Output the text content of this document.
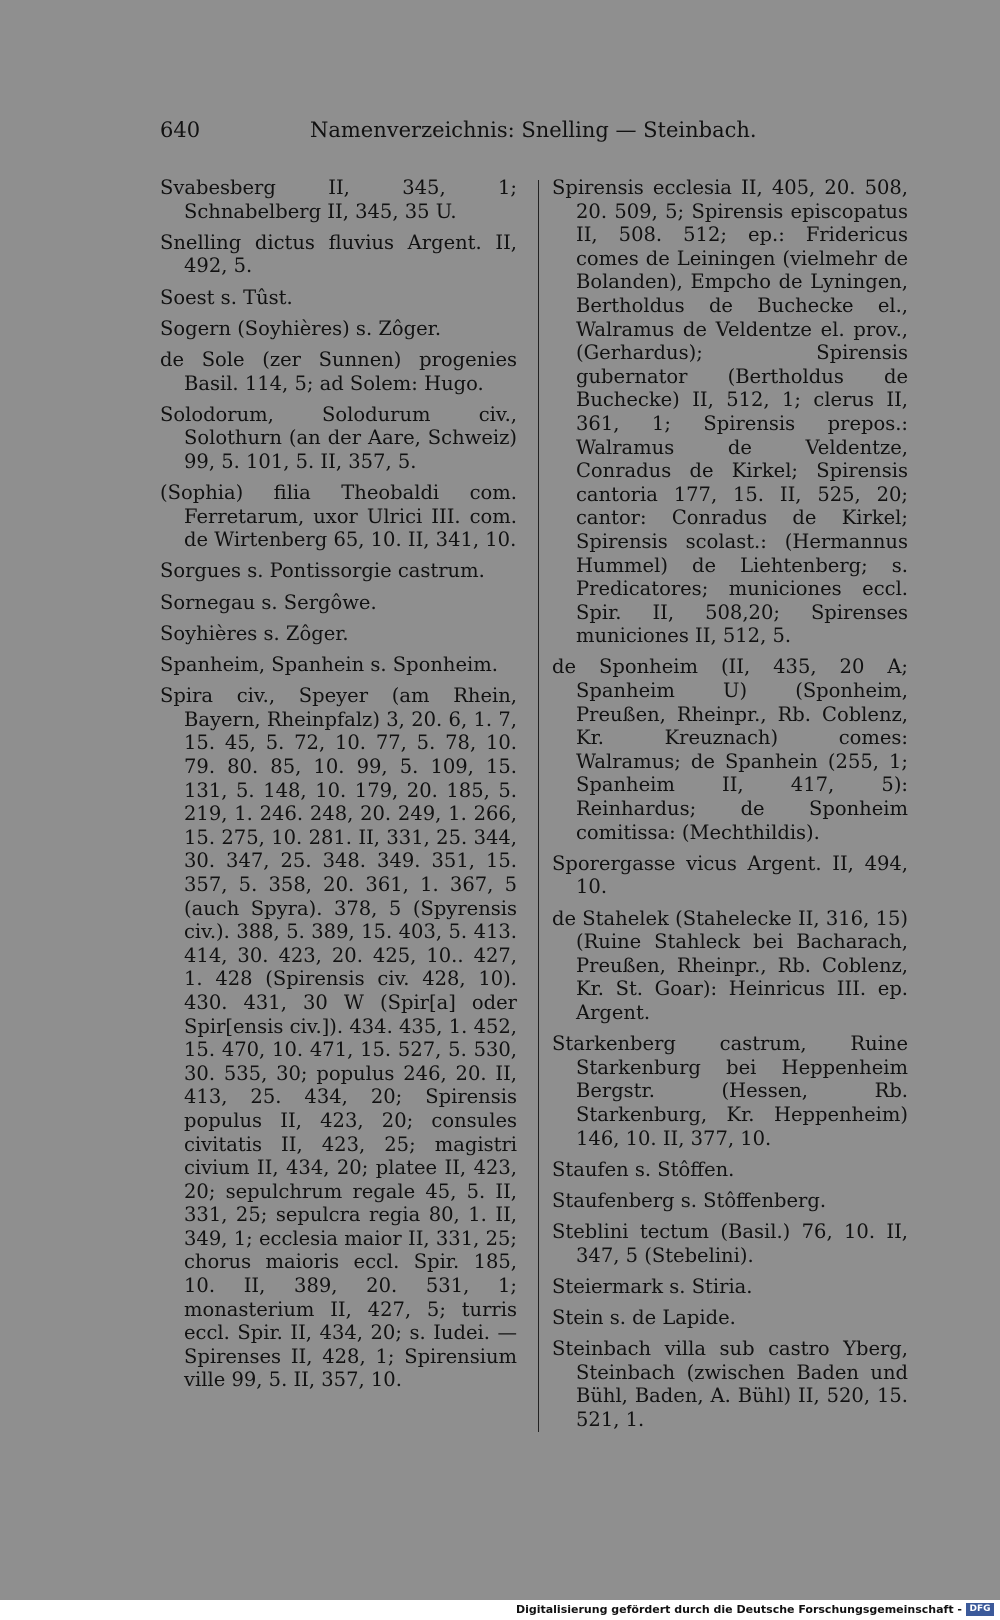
640	Namenverzeichnis: Snelling — Steinbach.
Svabesberg II, 345, 1; Schnabelberg II, 345, 35 U.
Snelling dictus fluvius Argent. II, 492, 5.
Soest s. Tûst.
Sogern (Soyhières) s. Zôger.
de Sole (zer Sunnen) progenies Basil. 114, 5; ad Solem: Hugo.
Solodorum, Solodurum civ., Solothurn (an der Aare, Schweiz) 99, 5. 101, 5. II, 357, 5.
(Sophia) filia Theobaldi com. Ferretarum, uxor Ulrici III. com. de Wirtenberg 65, 10. II, 341, 10.
Sorgues s. Pontissorgie castrum.
Sornegau s. Sergôwe.
Soyhières s. Zôger.
Spanheim, Spanhein s. Sponheim.
Spira civ., Speyer (am Rhein, Bayern, Rheinpfalz) 3, 20. 6, 1. 7, 15. 45, 5. 72, 10. 77, 5. 78, 10. 79. 80. 85, 10. 99, 5. 109, 15. 131, 5. 148, 10. 179, 20. 185, 5. 219, 1. 246. 248, 20. 249, 1. 266, 15. 275, 10. 281. II, 331, 25. 344, 30. 347, 25. 348. 349. 351, 15. 357, 5. 358, 20. 361, 1. 367, 5 (auch Spyra). 378, 5 (Spyrensis civ.). 388, 5. 389, 15. 403, 5. 413. 414, 30. 423, 20. 425, 10.. 427, 1. 428 (Spirensis civ. 428, 10). 430. 431, 30 W (Spir[a] oder Spir[ensis civ.]). 434. 435, 1. 452, 15. 470, 10. 471, 15. 527, 5. 530, 30. 535, 30; populus 246, 20. II, 413, 25. 434, 20; Spirensis populus II, 423, 20; consules civitatis II, 423, 25; magistri civium II, 434, 20; platee II, 423, 20; sepulchrum regale 45, 5. II, 331, 25; sepulcra regia 80, 1. II, 349, 1; ecclesia maior II, 331, 25; chorus maioris eccl. Spir. 185, 10. II, 389, 20. 531, 1; monasterium II, 427, 5; turris eccl. Spir. II, 434, 20; s. Iudei. — Spirenses II, 428, 1; Spirensium ville 99, 5. II, 357, 10.
Spirensis ecclesia II, 405, 20. 508, 20. 509, 5; Spirensis episcopatus II, 508. 512; ep.: Fridericus comes de Leiningen (vielmehr de Bolanden), Empcho de Lyningen, Bertholdus de Buchecke el., Walramus de Veldentze el. prov., (Gerhardus); Spirensis gubernator (Bertholdus de Buchecke) II, 512, 1; clerus II, 361, 1; Spirensis prepos.: Walramus de Veldentze, Conradus de Kirkel; Spirensis cantoria 177, 15. II, 525, 20; cantor: Conradus de Kirkel; Spirensis scolast.: (Hermannus Hummel) de Liehtenberg; s. Predicatores; municiones eccl. Spir. II, 508,20; Spirenses municiones II, 512, 5.
de Sponheim (II, 435, 20 A; Spanheim U) (Sponheim, Preußen, Rheinpr., Rb. Coblenz, Kr. Kreuznach) comes: Walramus; de Spanhein (255, 1; Spanheim II, 417, 5): Reinhardus; de Sponheim comitissa: (Mechthildis).
Sporergasse vicus Argent. II, 494, 10.
de Stahelek (Stahelecke II, 316, 15) (Ruine Stahleck bei Bacharach, Preußen, Rheinpr., Rb. Coblenz, Kr. St. Goar): Heinricus III. ep. Argent.
Starkenberg castrum, Ruine Starkenburg bei Heppenheim Bergstr. (Hessen, Rb. Starkenburg, Kr. Heppenheim) 146, 10. II, 377, 10.
Staufen s. Stôffen.
Staufenberg s. Stôffenberg.
Steblini tectum (Basil.) 76, 10. II, 347, 5 (Stebelini).
Steiermark s. Stiria.
Stein s. de Lapide.
Steinbach villa sub castro Yberg, Steinbach (zwischen Baden und Bühl, Baden, A. Bühl) II, 520, 15. 521, 1.
Digitalisierung gefördert durch die Deutsche Forschungsgemeinschaft - DFG
